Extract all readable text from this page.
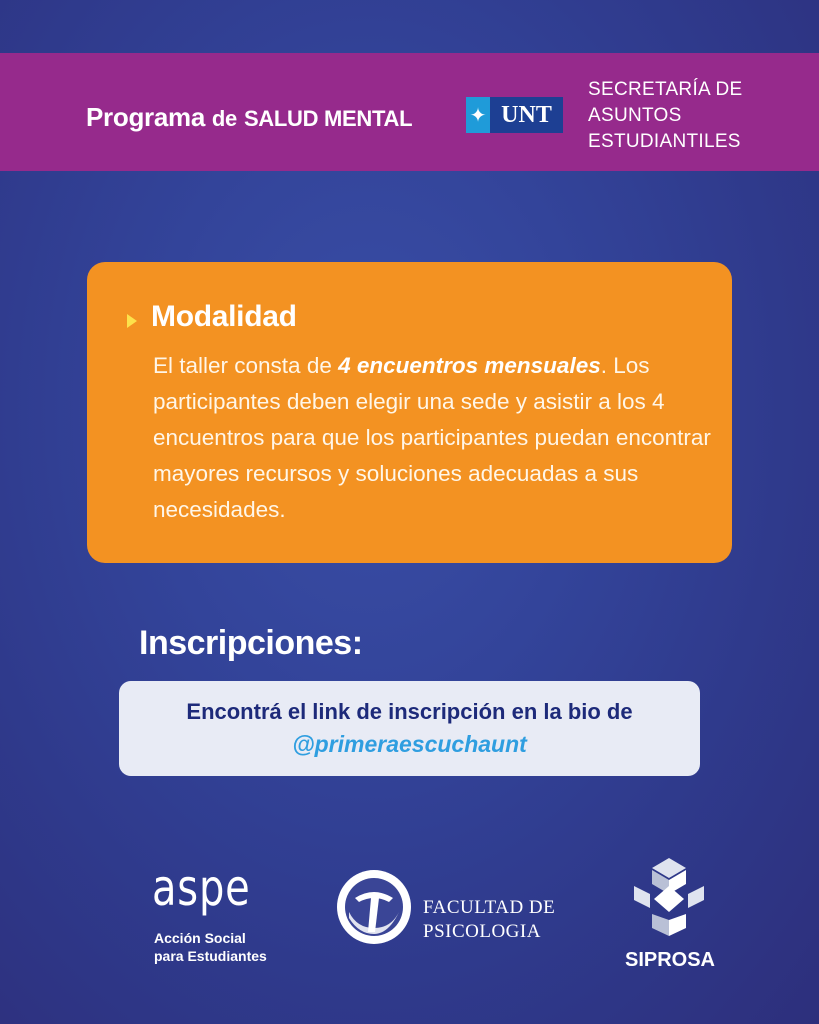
Programa de SALUD MENTAL	✦ UNT
SECRETARÍA DE
ASUNTOS
ESTUDIANTILES
Modalidad
El taller consta de 4 encuentros mensuales. Los participantes deben elegir una sede y asistir a los 4 encuentros para que los participantes puedan encontrar mayores recursos y soluciones adecuadas a sus necesidades.
Inscripciones:
Encontrá el link de inscripción en la bio de
@primeraescuchaunt
aspe
Acción Social
para Estudiantes
FACULTAD DE
PSICOLOGIA
SIPROSA
